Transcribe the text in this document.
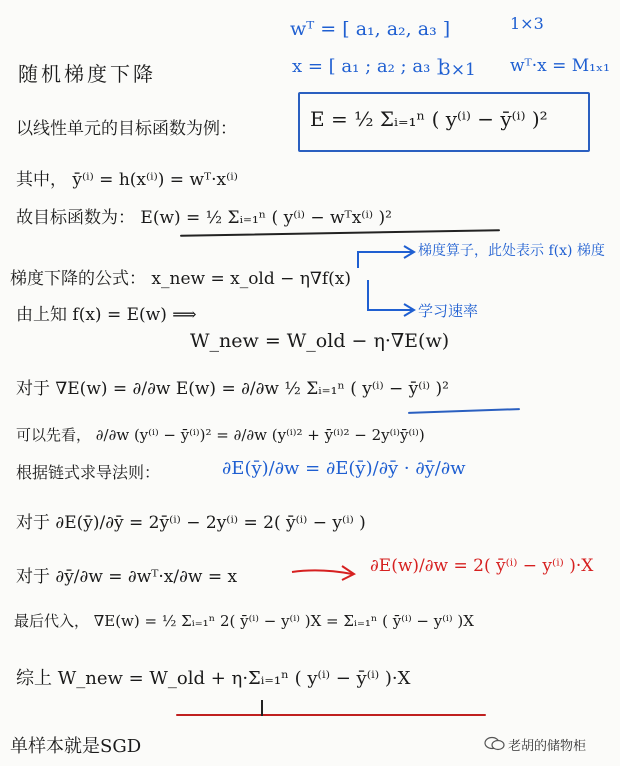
wᵀ = [ a₁, a₂, a₃ ]	1×3
x = [ a₁ ; a₂ ; a₃ ]
3×1 wᵀ·x = M₁ₓ₁
随机梯度下降
以线性单元的目标函数为例：	E = ½ Σᵢ₌₁ⁿ ( y⁽ⁱ⁾ − ȳ⁽ⁱ⁾ )²
其中， ȳ⁽ⁱ⁾ = h(x⁽ⁱ⁾) = wᵀ·x⁽ⁱ⁾
故目标函数为： E(w) = ½ Σᵢ₌₁ⁿ ( y⁽ⁱ⁾ − wᵀx⁽ⁱ⁾ )²
梯度下降的公式： x_new = x_old − η∇f(x)
梯度算子，此处表示 f(x) 梯度
学习速率
由上知 f(x) = E(w) ⟹
W_new = W_old − η·∇E(w)
对于 ∇E(w) = ∂/∂w E(w) = ∂/∂w ½ Σᵢ₌₁ⁿ ( y⁽ⁱ⁾ − ȳ⁽ⁱ⁾ )²
可以先看， ∂/∂w (y⁽ⁱ⁾ − ȳ⁽ⁱ⁾)² = ∂/∂w (y⁽ⁱ⁾² + ȳ⁽ⁱ⁾² − 2y⁽ⁱ⁾ȳ⁽ⁱ⁾)
根据链式求导法则：	∂E(ȳ)/∂w = ∂E(ȳ)/∂ȳ · ∂ȳ/∂w
对于 ∂E(ȳ)/∂ȳ = 2ȳ⁽ⁱ⁾ − 2y⁽ⁱ⁾ = 2( ȳ⁽ⁱ⁾ − y⁽ⁱ⁾ )
对于 ∂ȳ/∂w = ∂wᵀ·x/∂w = x
∂E(w)/∂w = 2( ȳ⁽ⁱ⁾ − y⁽ⁱ⁾ )·X
最后代入， ∇E(w) = ½ Σᵢ₌₁ⁿ 2( ȳ⁽ⁱ⁾ − y⁽ⁱ⁾ )X = Σᵢ₌₁ⁿ ( ȳ⁽ⁱ⁾ − y⁽ⁱ⁾ )X
综上 W_new = W_old + η·Σᵢ₌₁ⁿ ( y⁽ⁱ⁾ − ȳ⁽ⁱ⁾ )·X
单样本就是SGD	老胡的储物柜
